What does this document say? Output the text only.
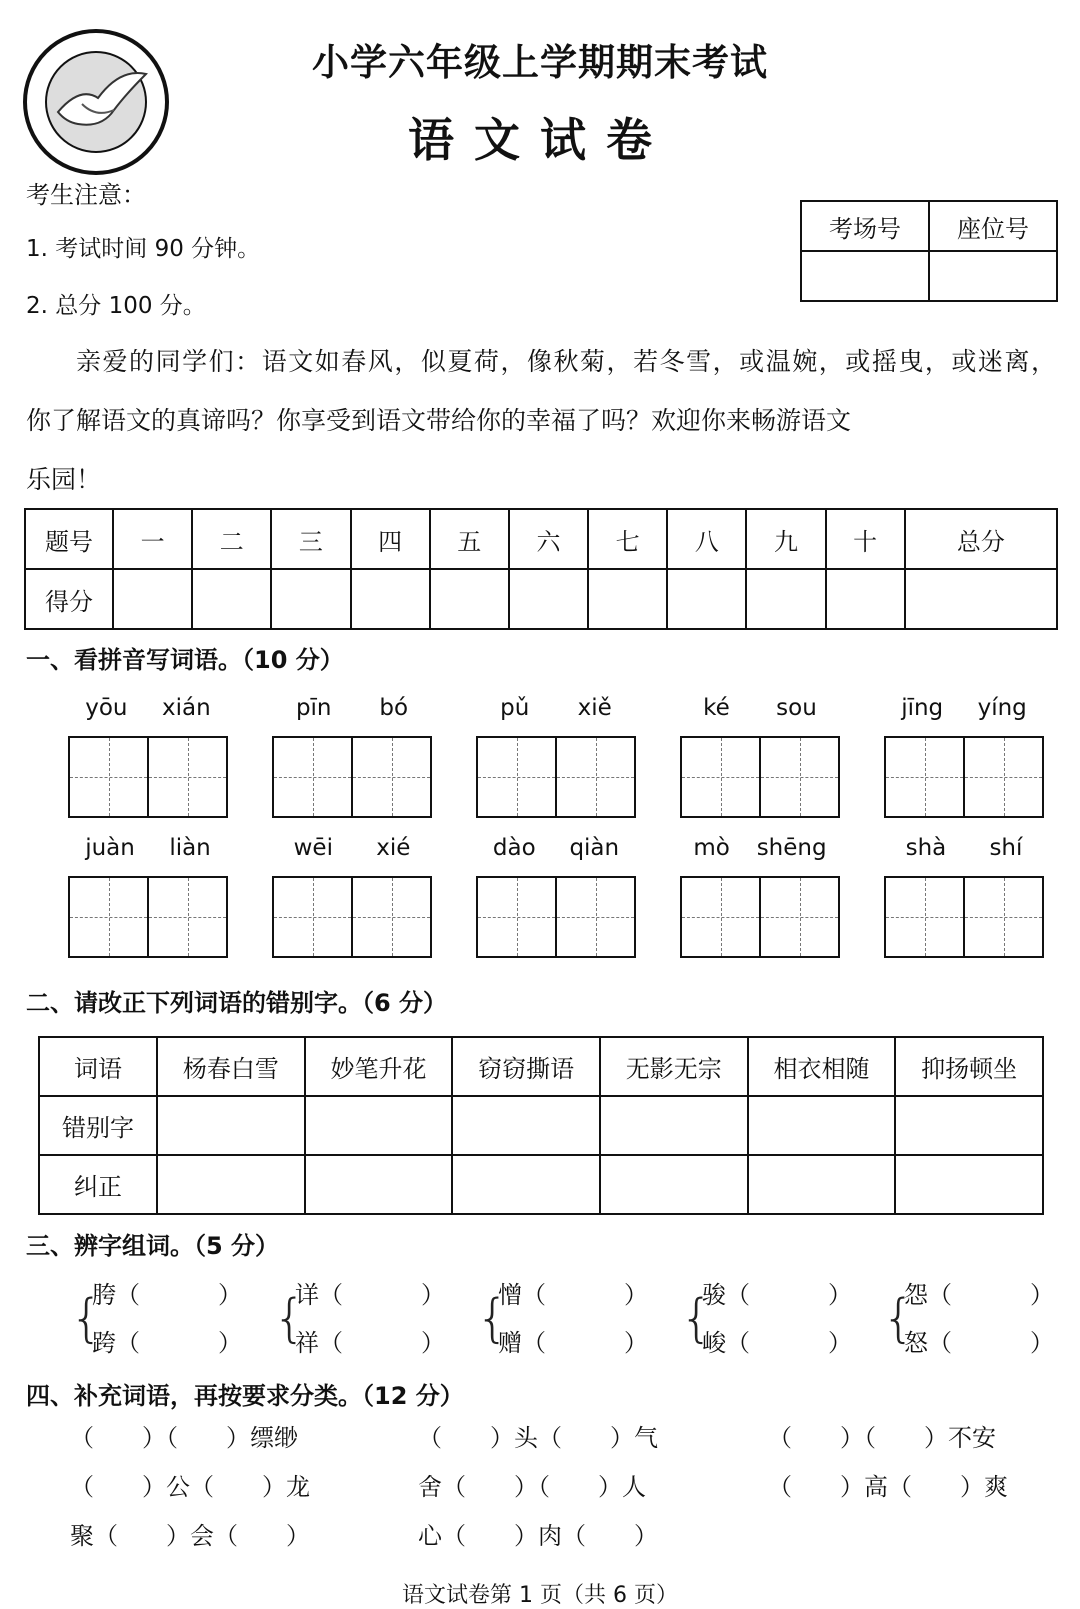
小学六年级上学期期末考试
语文试卷
考生注意：
1. 考试时间 90 分钟。
2. 总分 100 分。
考场号	座位号

亲爱的同学们：语文如春风，似夏荷，像秋菊，若冬雪，或温婉，或摇曳，或迷离，
你了解语文的真谛吗？你享受到语文带给你的幸福了吗？欢迎你来畅游语文
乐园！
题号	一	二	三	四	五	六	七	八	九	十	总分
得分											
一、看拼音写词语。（10 分）
yōu xián	pīn bó	pǔ xiě	ké sou	jīng yíng
juàn liàn	wēi xié	dào qiàn	mò shēng	shà shí
二、请改正下列词语的错别字。（6 分）
词语	杨春白雪	妙笔升花	窃窃撕语	无影无宗	相衣相随	抑扬顿坐
错别字						
纠正						
三、辨字组词。（5 分）
{
胯（	）
跨（	） {
详（	）
祥（	） {
憎（	）
赠（	） {
骏（	）
峻（	） {
怨（	）
怒（	）
四、补充词语，再按要求分类。（12 分）
（　　）（　　）缥缈	（　　）头（　　）气	（　　）（　　）不安
（　　）公（　　）龙	舍（　　）（　　）人	（　　）高（　　）爽
聚（　　）会（　　）	心（　　）肉（　　）
语文试卷第 1 页（共 6 页）
